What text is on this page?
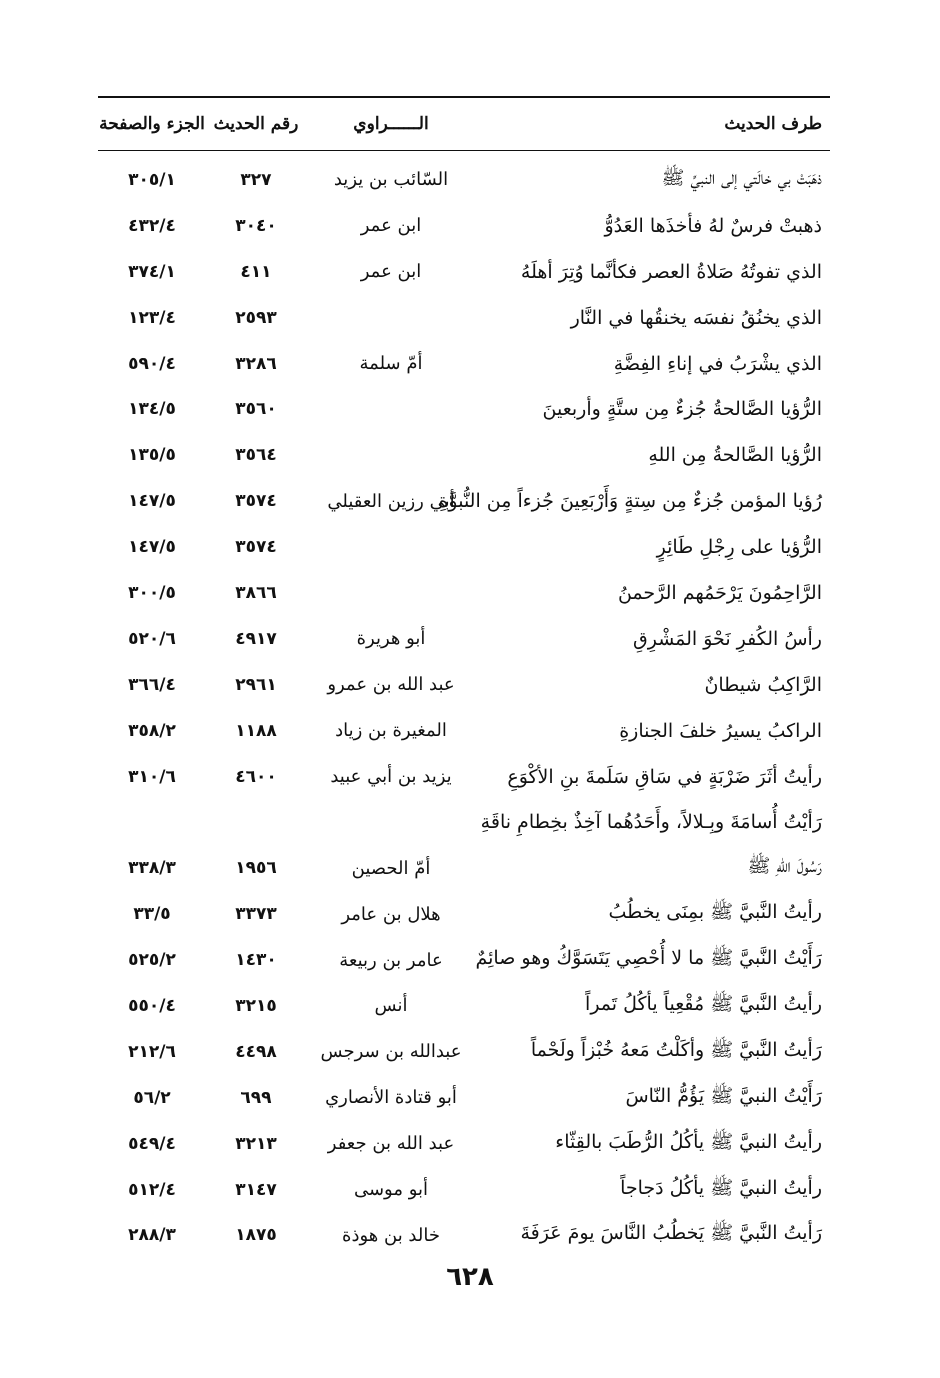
طرف الحديث
الــــــراوي
رقم الحديث
الجزء والصفحة
ذهَبَتْ بي خالَتي إلى النبيِّ ﷺ
السّائب بن يزيد
٣٢٧
٣٠٥/١
ذهبتْ فرسٌ لهُ فأخذَها العَدُوُّ
ابن عمر
٣٠٤٠
٤٣٢/٤
الذي تفوتُهُ صَلاةُ العصر فكأنَّما وُتِرَ أهلَهُ
ابن عمر
٤١١
٣٧٤/١
الذي يخنُقُ نفسَه يخنقُها في النَّار
٢٥٩٣
١٢٣/٤
الذي يشْرَبُ في إناءِ الفِضَّةِ
أمّ سلمة
٣٢٨٦
٥٩٠/٤
الرُّؤيا الصَّالحةُ جُزءٌ مِن ستَّةٍ وأربعينَ
٣٥٦٠
١٣٤/٥
الرُّؤيا الصَّالحةُ مِن اللهِ
٣٥٦٤
١٣٥/٥
رُؤيا المؤمن جُزءٌ مِن سِتةٍ وَأَرْبَعِينَ جُزءاً مِن النُّبوَّةِ
أبي رزين العقيلي
٣٥٧٤
١٤٧/٥
الرُّؤيا على رِجْلِ طَائِرٍ
٣٥٧٤
١٤٧/٥
الرَّاحِمُونَ يَرْحَمُهم الرَّحمنُ
٣٨٦٦
٣٠٠/٥
رأسُ الكُفرِ نَحْوَ المَشْرِقِ
أبو هريرة
٤٩١٧
٥٢٠/٦
الرَّاكِبُ شيطانٌ
عبد الله بن عمرو
٢٩٦١
٣٦٦/٤
الراكبُ يسيرُ خلفَ الجنازةِ
المغيرة بن زياد
١١٨٨
٣٥٨/٢
رأيتُ أثَرَ ضَرْبَةٍ في سَاقِ سَلَمةَ بنِ الأكْوَعِ
يزيد بن أبي عبيد
٤٦٠٠
٣١٠/٦
رَأيْتُ أُسامَةَ وبِـلالاً، وأَحَدُهُما آخِذٌ بخِطامِ ناقَةِ
رَسُولَ اللهِ ﷺ
أمّ الحصين
١٩٥٦
٣٣٨/٣
رأيتُ النَّبيَّ ﷺ بمِنَى يخطُبُ
هلال بن عامر
٣٣٧٣
٣٣/٥
رَأَيْتُ النَّبيَّ ﷺ ما لا أُحْصِي يَتَسَوَّكُ وهو صائِمٌ
عامر بن ربيعة
١٤٣٠
٥٢٥/٢
رأيتُ النَّبيَّ ﷺ مُقْعِياً يأكُلُ تَمراً
أنس
٣٢١٥
٥٥٠/٤
رَأيتُ النَّبيَّ ﷺ وأكَلْتُ مَعهُ خُبْزاً ولَحْماً
عبدالله بن سرجس
٤٤٩٨
٢١٢/٦
رَأَيْتُ النبيَّ ﷺ يَؤُمُّ النّاسَ
أبو قتادة الأنصاري
٦٩٩
٥٦/٢
رأيتُ النبيَّ ﷺ يأكُلُ الرُّطَبَ بالقِثّاء
عبد الله بن جعفر
٣٢١٣
٥٤٩/٤
رأيتُ النبيَّ ﷺ يأكُلُ دَجاجاً
أبو موسى
٣١٤٧
٥١٢/٤
رَأيتُ النَّبيَّ ﷺ يَخطُبُ النَّاسَ يومَ عَرَفَةَ
خالد بن هوذة
١٨٧٥
٢٨٨/٣
٦٢٨
